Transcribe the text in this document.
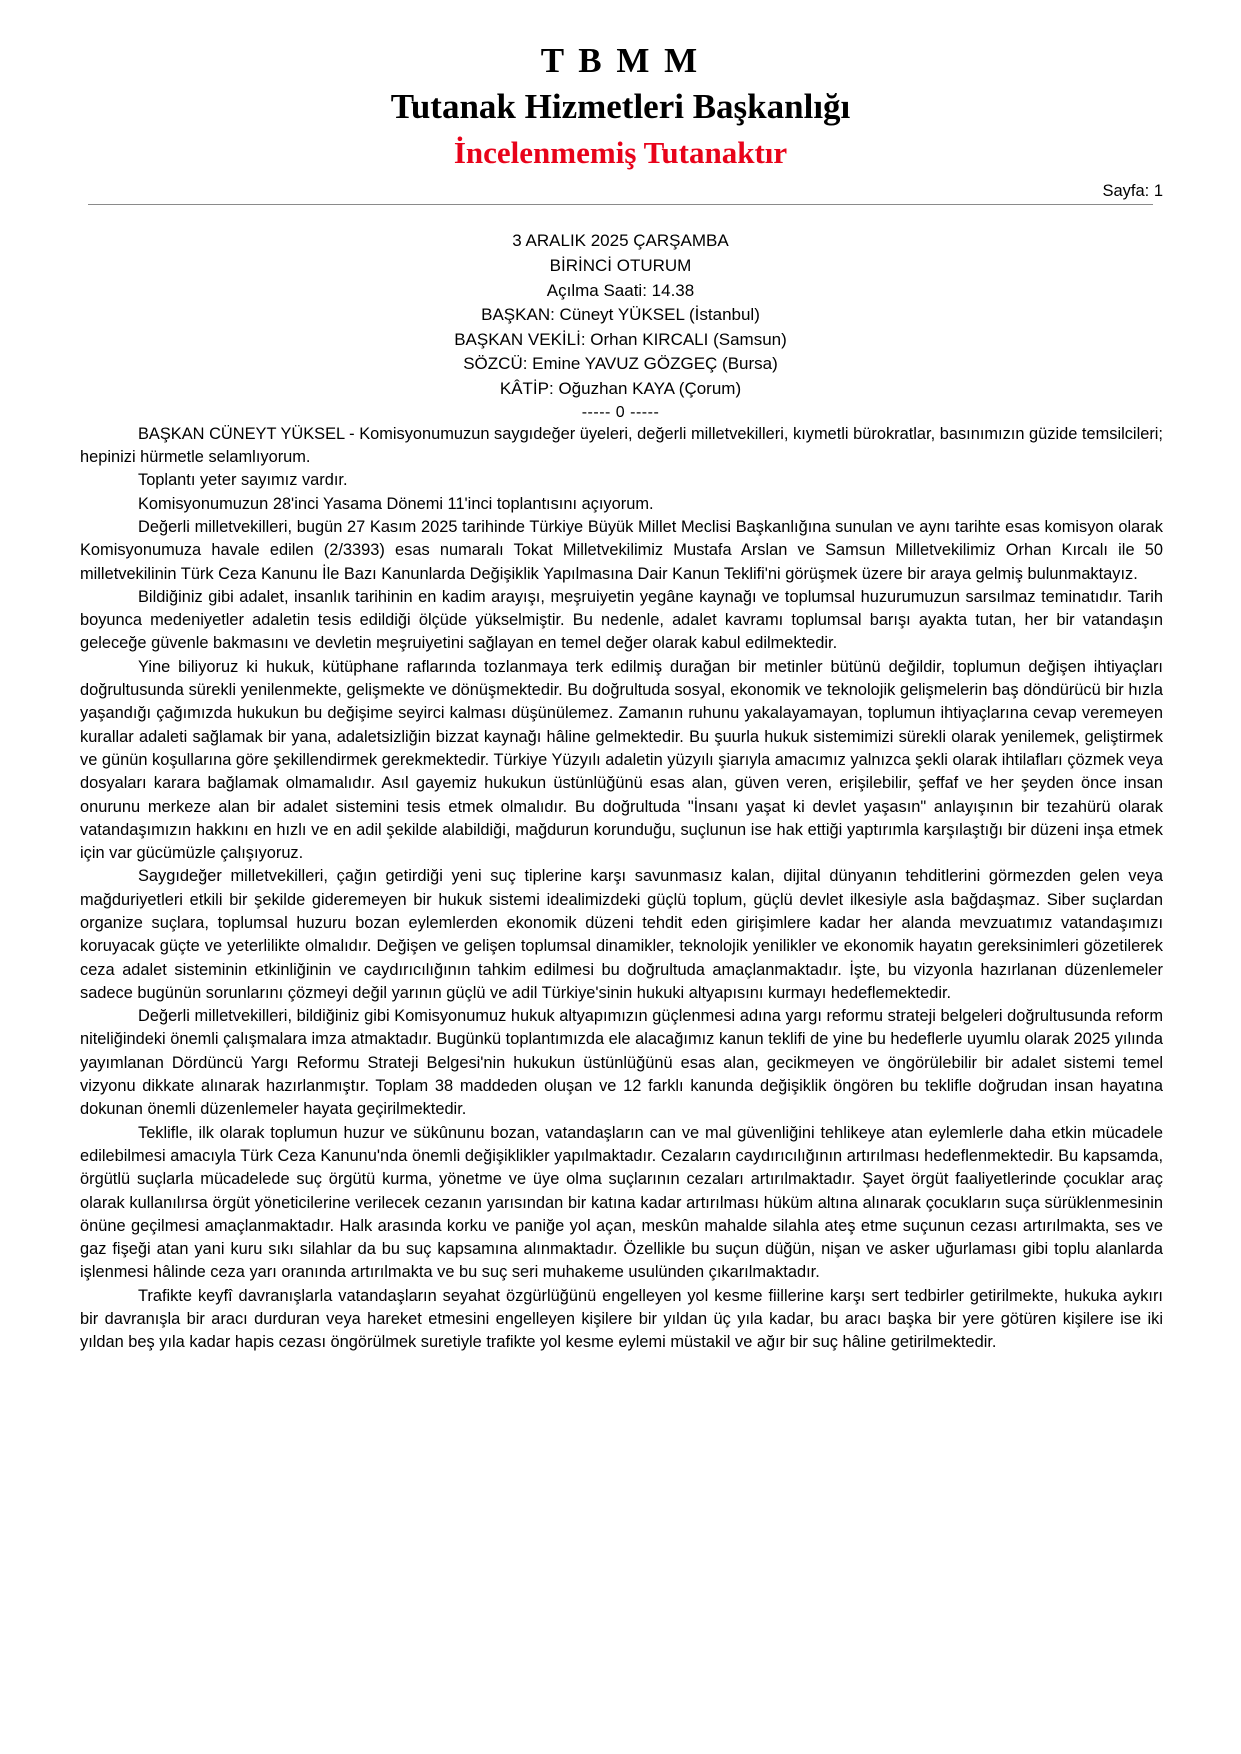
T B M M
Tutanak Hizmetleri Başkanlığı
İncelenmemiş Tutanaktır
Sayfa: 1
3 ARALIK 2025 ÇARŞAMBA
BİRİNCİ OTURUM
Açılma Saati: 14.38
BAŞKAN: Cüneyt YÜKSEL (İstanbul)
BAŞKAN VEKİLİ: Orhan KIRCALI (Samsun)
SÖZCÜ: Emine YAVUZ GÖZGEÇ (Bursa)
KÂTİP: Oğuzhan KAYA (Çorum)
----- 0 -----

BAŞKAN CÜNEYT YÜKSEL - Komisyonumuzun saygıdeğer üyeleri, değerli milletvekilleri, kıymetli bürokratlar, basınımızın güzide temsilcileri; hepinizi hürmetle selamlıyorum.

Toplantı yeter sayımız vardır.

Komisyonumuzun 28'inci Yasama Dönemi 11'inci toplantısını açıyorum.

Değerli milletvekilleri, bugün 27 Kasım 2025 tarihinde Türkiye Büyük Millet Meclisi Başkanlığına sunulan ve aynı tarihte esas komisyon olarak Komisyonumuza havale edilen (2/3393) esas numaralı Tokat Milletvekilimiz Mustafa Arslan ve Samsun Milletvekilimiz Orhan Kırcalı ile 50 milletvekilinin Türk Ceza Kanunu İle Bazı Kanunlarda Değişiklik Yapılmasına Dair Kanun Teklifi'ni görüşmek üzere bir araya gelmiş bulunmaktayız.

Bildiğiniz gibi adalet, insanlık tarihinin en kadim arayışı, meşruiyetin yegâne kaynağı ve toplumsal huzurumuzun sarsılmaz teminatıdır. Tarih boyunca medeniyetler adaletin tesis edildiği ölçüde yükselmiştir. Bu nedenle, adalet kavramı toplumsal barışı ayakta tutan, her bir vatandaşın geleceğe güvenle bakmasını ve devletin meşruiyetini sağlayan en temel değer olarak kabul edilmektedir.

Yine biliyoruz ki hukuk, kütüphane raflarında tozlanmaya terk edilmiş durağan bir metinler bütünü değildir, toplumun değişen ihtiyaçları doğrultusunda sürekli yenilenmekte, gelişmekte ve dönüşmektedir. Bu doğrultuda sosyal, ekonomik ve teknolojik gelişmelerin baş döndürücü bir hızla yaşandığı çağımızda hukukun bu değişime seyirci kalması düşünülemez. Zamanın ruhunu yakalayamayan, toplumun ihtiyaçlarına cevap veremeyen kurallar adaleti sağlamak bir yana, adaletsizliğin bizzat kaynağı hâline gelmektedir. Bu şuurla hukuk sistemimizi sürekli olarak yenilemek, geliştirmek ve günün koşullarına göre şekillendirmek gerekmektedir. Türkiye Yüzyılı adaletin yüzyılı şiarıyla amacımız yalnızca şekli olarak ihtilafları çözmek veya dosyaları karara bağlamak olmamalıdır. Asıl gayemiz hukukun üstünlüğünü esas alan, güven veren, erişilebilir, şeffaf ve her şeyden önce insan onurunu merkeze alan bir adalet sistemini tesis etmek olmalıdır. Bu doğrultuda "İnsanı yaşat ki devlet yaşasın" anlayışının bir tezahürü olarak vatandaşımızın hakkını en hızlı ve en adil şekilde alabildiği, mağdurun korunduğu, suçlunun ise hak ettiği yaptırımla karşılaştığı bir düzeni inşa etmek için var gücümüzle çalışıyoruz.

Saygıdeğer milletvekilleri, çağın getirdiği yeni suç tiplerine karşı savunmasız kalan, dijital dünyanın tehditlerini görmezden gelen veya mağduriyetleri etkili bir şekilde gideremeyen bir hukuk sistemi idealimizdeki güçlü toplum, güçlü devlet ilkesiyle asla bağdaşmaz. Siber suçlardan organize suçlara, toplumsal huzuru bozan eylemlerden ekonomik düzeni tehdit eden girişimlere kadar her alanda mevzuatımız vatandaşımızı koruyacak güçte ve yeterlilikte olmalıdır. Değişen ve gelişen toplumsal dinamikler, teknolojik yenilikler ve ekonomik hayatın gereksinimleri gözetilerek ceza adalet sisteminin etkinliğinin ve caydırıcılığının tahkim edilmesi bu doğrultuda amaçlanmaktadır. İşte, bu vizyonla hazırlanan düzenlemeler sadece bugünün sorunlarını çözmeyi değil yarının güçlü ve adil Türkiye'sinin hukuki altyapısını kurmayı hedeflemektedir.

Değerli milletvekilleri, bildiğiniz gibi Komisyonumuz hukuk altyapımızın güçlenmesi adına yargı reformu strateji belgeleri doğrultusunda reform niteliğindeki önemli çalışmalara imza atmaktadır. Bugünkü toplantımızda ele alacağımız kanun teklifi de yine bu hedeflerle uyumlu olarak 2025 yılında yayımlanan Dördüncü Yargı Reformu Strateji Belgesi'nin hukukun üstünlüğünü esas alan, gecikmeyen ve öngörülebilir bir adalet sistemi temel vizyonu dikkate alınarak hazırlanmıştır. Toplam 38 maddeden oluşan ve 12 farklı kanunda değişiklik öngören bu teklifle doğrudan insan hayatına dokunan önemli düzenlemeler hayata geçirilmektedir.

Teklifle, ilk olarak toplumun huzur ve sükûnunu bozan, vatandaşların can ve mal güvenliğini tehlikeye atan eylemlerle daha etkin mücadele edilebilmesi amacıyla Türk Ceza Kanunu'nda önemli değişiklikler yapılmaktadır. Cezaların caydırıcılığının artırılması hedeflenmektedir. Bu kapsamda, örgütlü suçlarla mücadelede suç örgütü kurma, yönetme ve üye olma suçlarının cezaları artırılmaktadır. Şayet örgüt faaliyetlerinde çocuklar araç olarak kullanılırsa örgüt yöneticilerine verilecek cezanın yarısından bir katına kadar artırılması hüküm altına alınarak çocukların suça sürüklenmesinin önüne geçilmesi amaçlanmaktadır. Halk arasında korku ve paniğe yol açan, meskûn mahalde silahla ateş etme suçunun cezası artırılmakta, ses ve gaz fişeği atan yani kuru sıkı silahlar da bu suç kapsamına alınmaktadır. Özellikle bu suçun düğün, nişan ve asker uğurlaması gibi toplu alanlarda işlenmesi hâlinde ceza yarı oranında artırılmakta ve bu suç seri muhakeme usulünden çıkarılmaktadır.

Trafikte keyfî davranışlarla vatandaşların seyahat özgürlüğünü engelleyen yol kesme fiillerine karşı sert tedbirler getirilmekte, hukuka aykırı bir davranışla bir aracı durduran veya hareket etmesini engelleyen kişilere bir yıldan üç yıla kadar, bu aracı başka bir yere götüren kişilere ise iki yıldan beş yıla kadar hapis cezası öngörülmek suretiyle trafikte yol kesme eylemi müstakil ve ağır bir suç hâline getirilmektedir.
